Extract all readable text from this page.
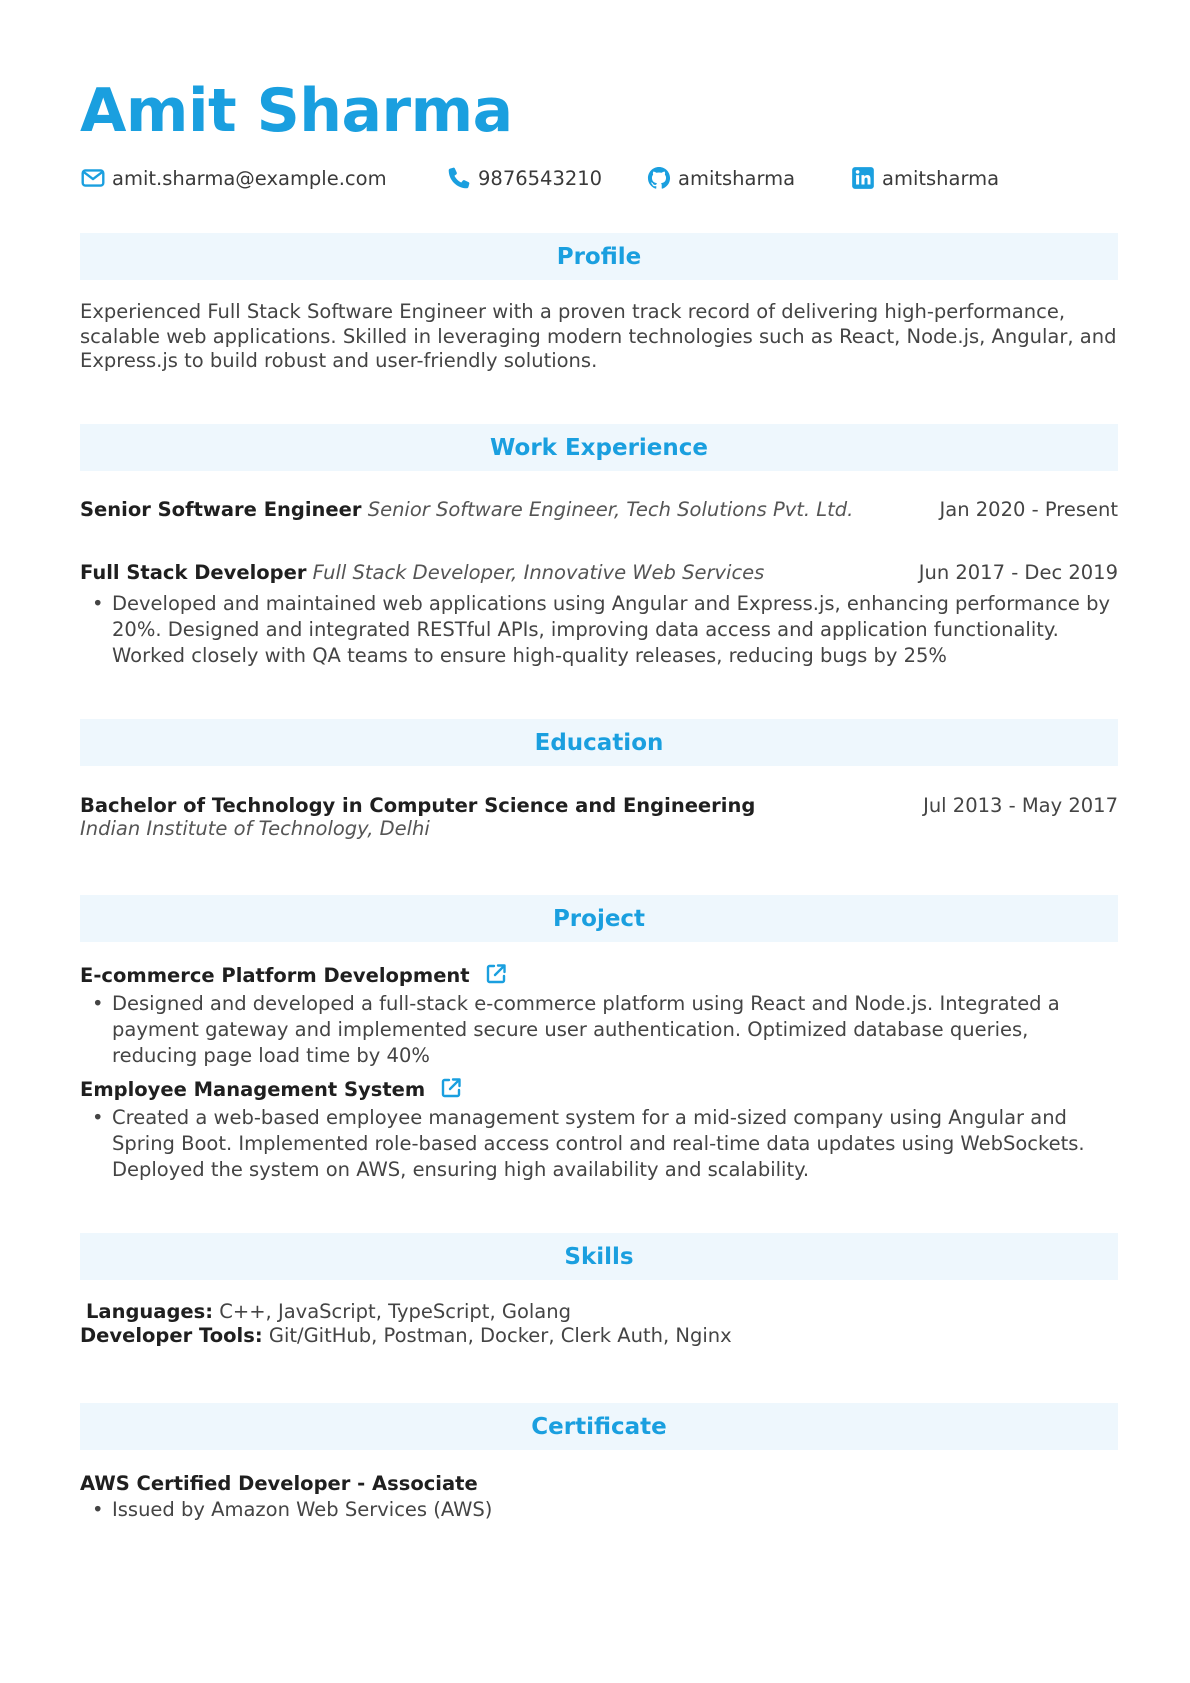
Amit Sharma
amit.sharma@example.com	9876543210	amitsharma	amitsharma
Profile
Experienced Full Stack Software Engineer with a proven track record of delivering high-performance, scalable web applications. Skilled in leveraging modern technologies such as React, Node.js, Angular, and Express.js to build robust and user-friendly solutions.
Work Experience
Senior Software Engineer Senior Software Engineer, Tech Solutions Pvt. Ltd.	Jan 2020 - Present
Full Stack Developer Full Stack Developer, Innovative Web Services	Jun 2017 - Dec 2019
• Developed and maintained web applications using Angular and Express.js, enhancing performance by 20%. Designed and integrated RESTful APIs, improving data access and application functionality. Worked closely with QA teams to ensure high-quality releases, reducing bugs by 25%
Education
Bachelor of Technology in Computer Science and Engineering	Jul 2013 - May 2017
Indian Institute of Technology, Delhi
Project
E-commerce Platform Development
• Designed and developed a full-stack e-commerce platform using React and Node.js. Integrated a payment gateway and implemented secure user authentication. Optimized database queries, reducing page load time by 40%
Employee Management System
• Created a web-based employee management system for a mid-sized company using Angular and Spring Boot. Implemented role-based access control and real-time data updates using WebSockets. Deployed the system on AWS, ensuring high availability and scalability.
Skills
Languages: C++, JavaScript, TypeScript, Golang
Developer Tools: Git/GitHub, Postman, Docker, Clerk Auth, Nginx
Certificate
AWS Certified Developer - Associate
• Issued by Amazon Web Services (AWS)
